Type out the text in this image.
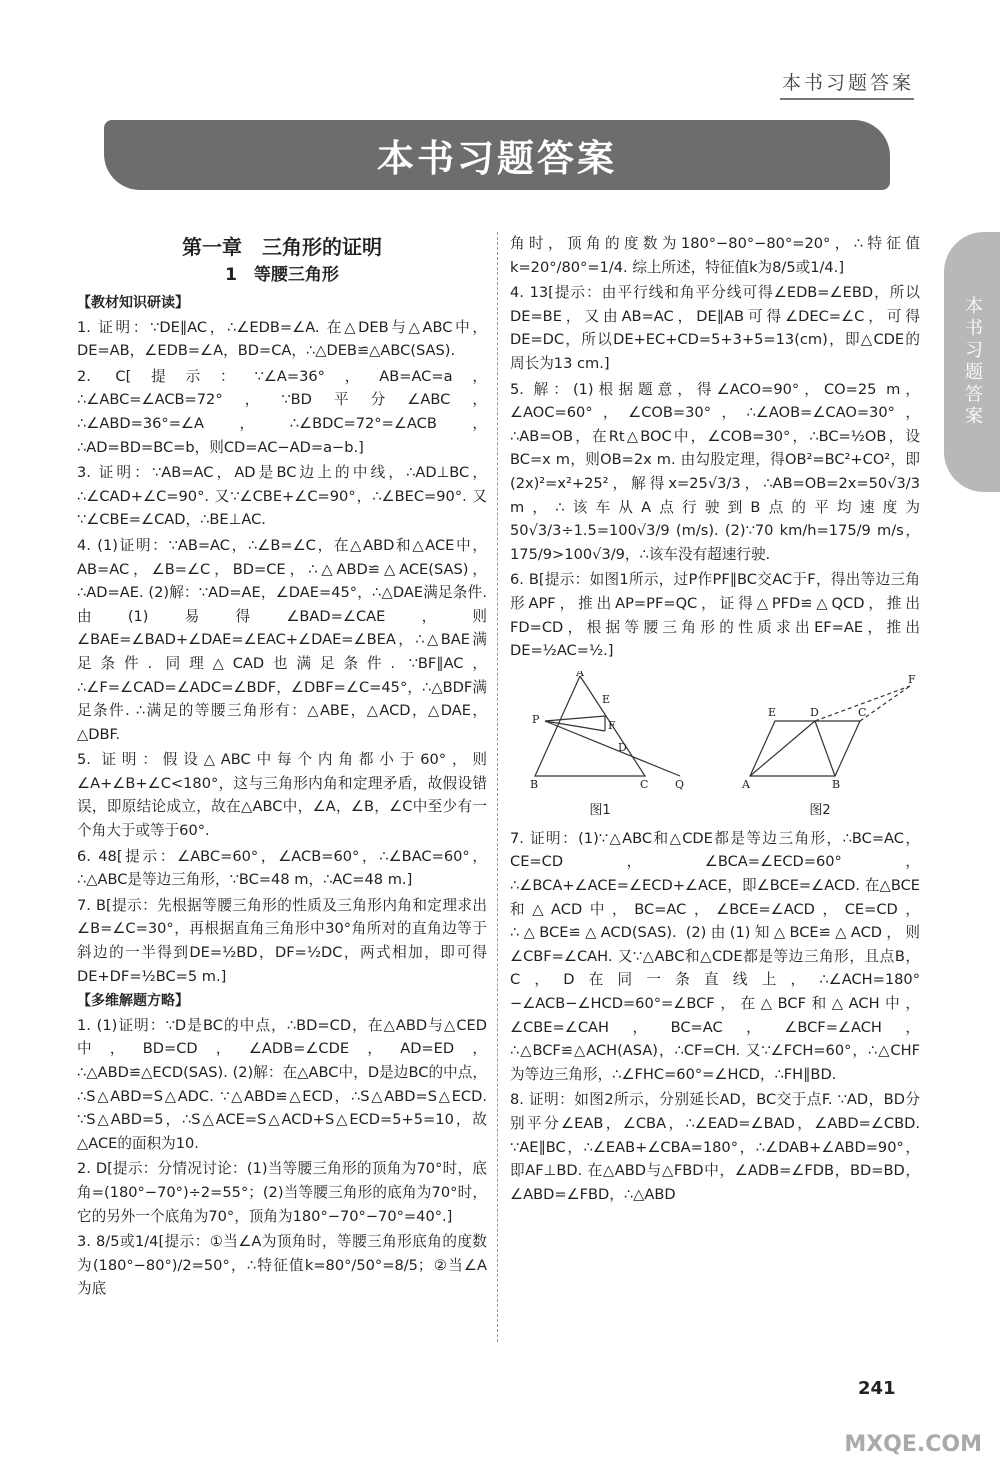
本书习题答案
本书习题答案
本书习题答案
第一章　三角形的证明
1　等腰三角形
【教材知识研读】

1. 证明：∵DE∥AC，∴∠EDB=∠A. 在△DEB与△ABC中，DE=AB，∠EDB=∠A，BD=CA，∴△DEB≌△ABC(SAS).

2. C[提示：∵∠A=36°，AB=AC=a，∴∠ABC=∠ACB=72°，∵BD平分∠ABC，∴∠ABD=36°=∠A，∴∠BDC=72°=∠ACB，∴AD=BD=BC=b，则CD=AC−AD=a−b.]

3. 证明：∵AB=AC，AD是BC边上的中线，∴AD⊥BC，∴∠CAD+∠C=90°. 又∵∠CBE+∠C=90°，∴∠BEC=90°. 又∵∠CBE=∠CAD，∴BE⊥AC.

4. (1)证明：∵AB=AC，∴∠B=∠C，在△ABD和△ACE中，AB=AC，∠B=∠C，BD=CE，∴△ABD≌△ACE(SAS)，∴AD=AE. (2)解：∵AD=AE，∠DAE=45°，∴△DAE满足条件. 由(1)易得∠BAD=∠CAE，则∠BAE=∠BAD+∠DAE=∠EAC+∠DAE=∠BEA，∴△BAE满足条件. 同理△CAD也满足条件. ∵BF∥AC，∴∠F=∠CAD=∠ADC=∠BDF，∠DBF=∠C=45°，∴△BDF满足条件. ∴满足的等腰三角形有：△ABE，△ACD，△DAE，△DBF.

5. 证明：假设△ABC中每个内角都小于60°，则∠A+∠B+∠C<180°，这与三角形内角和定理矛盾，故假设错误，即原结论成立，故在△ABC中，∠A，∠B，∠C中至少有一个角大于或等于60°.

6. 48[提示：∠ABC=60°，∠ACB=60°，∴∠BAC=60°，∴△ABC是等边三角形，∵BC=48 m，∴AC=48 m.]

7. B[提示：先根据等腰三角形的性质及三角形内角和定理求出∠B=∠C=30°，再根据直角三角形中30°角所对的直角边等于斜边的一半得到DE=½BD，DF=½DC，两式相加，即可得DE+DF=½BC=5 m.]

【多维解题方略】

1. (1)证明：∵D是BC的中点，∴BD=CD，在△ABD与△CED中，BD=CD，∠ADB=∠CDE，AD=ED，∴△ABD≌△ECD(SAS). (2)解：在△ABC中，D是边BC的中点，∴S△ABD=S△ADC. ∵△ABD≌△ECD，∴S△ABD=S△ECD. ∵S△ABD=5，∴S△ACE=S△ACD+S△ECD=5+5=10，故△ACE的面积为10.

2. D[提示：分情况讨论：(1)当等腰三角形的顶角为70°时，底角=(180°−70°)÷2=55°；(2)当等腰三角形的底角为70°时，它的另外一个底角为70°，顶角为180°−70°−70°=40°.]

3. 8/5或1/4[提示：①当∠A为顶角时，等腰三角形底角的度数为(180°−80°)/2=50°，∴特征值k=80°/50°=8/5；②当∠A为底

角时，顶角的度数为180°−80°−80°=20°，∴特征值k=20°/80°=1/4. 综上所述，特征值k为8/5或1/4.]

4. 13[提示：由平行线和角平分线可得∠EDB=∠EBD，所以DE=BE，又由AB=AC，DE∥AB可得∠DEC=∠C，可得DE=DC，所以DE+EC+CD=5+3+5=13(cm)，即△CDE的周长为13 cm.]

5. 解：(1)根据题意，得∠ACO=90°，CO=25 m，∠AOC=60°，∠COB=30°，∴∠AOB=∠CAO=30°，∴AB=OB，在Rt△BOC中，∠COB=30°，∴BC=½OB，设BC=x m，则OB=2x m. 由勾股定理，得OB²=BC²+CO²，即(2x)²=x²+25²，解得x=25√3/3，∴AB=OB=2x=50√3/3 m，∴该车从A点行驶到B点的平均速度为50√3/3÷1.5=100√3/9 (m/s). (2)∵70 km/h=175/9 m/s，175/9>100√3/9，∴该车没有超速行驶.

6. B[提示：如图1所示，过P作PF∥BC交AC于F，得出等边三角形APF，推出AP=PF=QC，证得△PFD≌△QCD，推出FD=CD，根据等腰三角形的性质求出EF=AE，推出DE=½AC=½.]

A
E
P	F
D
B	C Q
图1
E	D	C
F
A	B
图2

7. 证明：(1)∵△ABC和△CDE都是等边三角形，∴BC=AC，CE=CD，∠BCA=∠ECD=60°，∴∠BCA+∠ACE=∠ECD+∠ACE，即∠BCE=∠ACD. 在△BCE和△ACD中，BC=AC，∠BCE=∠ACD，CE=CD，∴△BCE≌△ACD(SAS). (2)由(1)知△BCE≌△ACD，则∠CBF=∠CAH. 又∵△ABC和△CDE都是等边三角形，且点B，C，D在同一条直线上，∴∠ACH=180°−∠ACB−∠HCD=60°=∠BCF，在△BCF和△ACH中，∠CBE=∠CAH，BC=AC，∠BCF=∠ACH，∴△BCF≌△ACH(ASA)，∴CF=CH. 又∵∠FCH=60°，∴△CHF为等边三角形，∴∠FHC=60°=∠HCD，∴FH∥BD.

8. 证明：如图2所示，分别延长AD，BC交于点F. ∵AD，BD分别平分∠EAB，∠CBA，∴∠EAD=∠BAD，∠ABD=∠CBD. ∵AE∥BC，∴∠EAB+∠CBA=180°，∴∠DAB+∠ABD=90°，即AF⊥BD. 在△ABD与△FBD中，∠ADB=∠FDB，BD=BD，∠ABD=∠FBD，∴△ABD

241
MXQE.COM
